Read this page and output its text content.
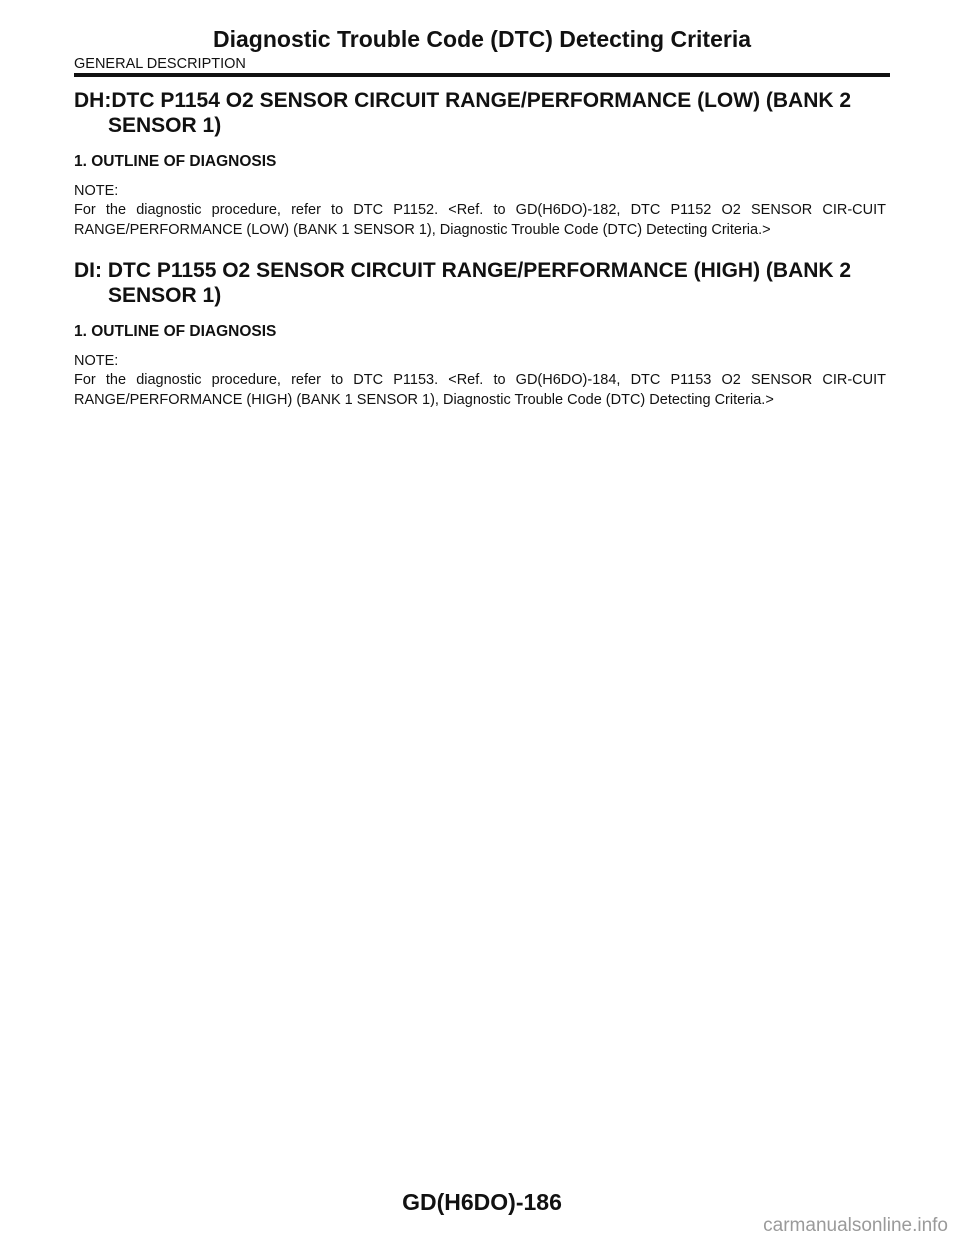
Diagnostic Trouble Code (DTC) Detecting Criteria
GENERAL DESCRIPTION
DH:DTC P1154 O2 SENSOR CIRCUIT RANGE/PERFORMANCE (LOW) (BANK 2 SENSOR 1)
1. OUTLINE OF DIAGNOSIS

NOTE:

For the diagnostic procedure, refer to DTC P1152. <Ref. to GD(H6DO)-182, DTC P1152 O2 SENSOR CIR-CUIT RANGE/PERFORMANCE (LOW) (BANK 1 SENSOR 1), Diagnostic Trouble Code (DTC) Detecting Criteria.>

DI: DTC P1155 O2 SENSOR CIRCUIT RANGE/PERFORMANCE (HIGH) (BANK 2 SENSOR 1)
1. OUTLINE OF DIAGNOSIS

NOTE:

For the diagnostic procedure, refer to DTC P1153. <Ref. to GD(H6DO)-184, DTC P1153 O2 SENSOR CIR-CUIT RANGE/PERFORMANCE (HIGH) (BANK 1 SENSOR 1), Diagnostic Trouble Code (DTC) Detecting Criteria.>

GD(H6DO)-186
carmanualsonline.info
